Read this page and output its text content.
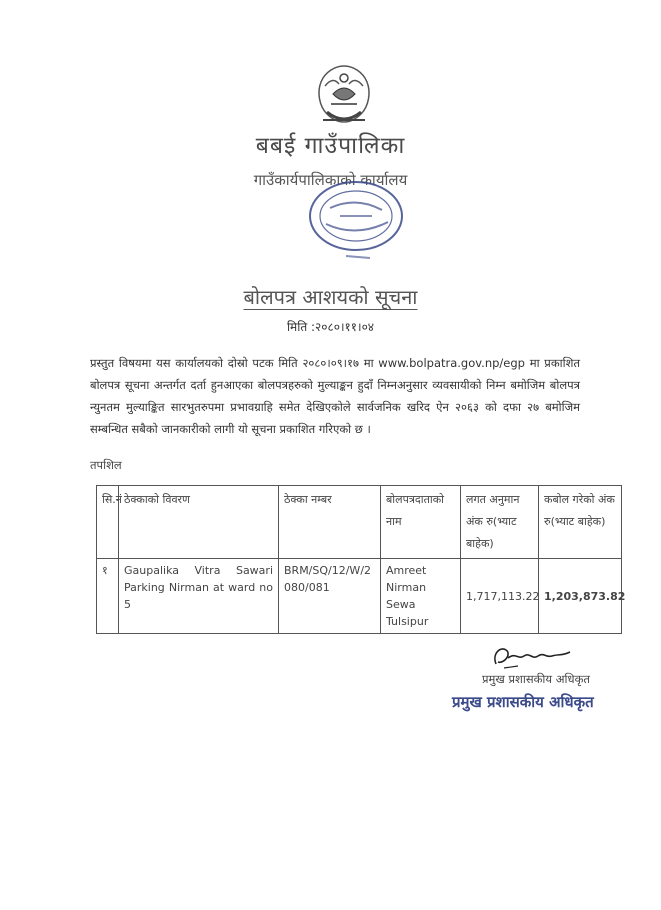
बबई गाउँपालिका
गाउँकार्यपालिकाको कार्यालय
बोलपत्र आशयको सूचना
मिति :२०८०।११।०४
प्रस्तुत विषयमा यस कार्यालयको दोस्रो पटक मिति २०८०।०९।१७ मा www.bolpatra.gov.np/egp मा प्रकाशित बोलपत्र सूचना अन्तर्गत दर्ता हुनआएका बोलपत्रहरुको मुल्याङ्कन हुदाँ निम्नअनुसार व्यवसायीको निम्न बमोजिम बोलपत्र न्युनतम मुल्याङ्कित सारभुतरुपमा प्रभावग्राहि समेत देखिएकोले सार्वजनिक खरिद ऐन २०६३ को दफा २७ बमोजिम सम्बन्धित सबैको जानकारीको लागी यो सूचना प्रकाशित गरिएको छ ।
तपशिल
सि.नं	ठेक्काको विवरण	ठेक्का नम्बर	बोलपत्रदाताको नाम	लगत अनुमान अंक रु(भ्याट बाहेक)	कबोल गरेको अंक रु(भ्याट बाहेक)
१	Gaupalika Vitra Sawari Parking Nirman at ward no 5	BRM/SQ/12/W/2080/081	Amreet Nirman Sewa Tulsipur	1,717,113.22	1,203,873.82
प्रमुख प्रशासकीय अधिकृत
प्रमुख प्रशासकीय अधिकृत
